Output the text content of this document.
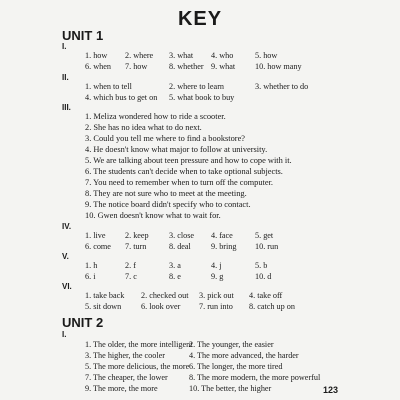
KEY
UNIT 1
I.
1. how 2. where 3. what 4. who	5. how
6. when 7. how	8. whether 9. what 10. how many
II.
1. when to tell	2. where to learn	3. whether to do
4. which bus to get on 5. what book to buy
III.
1. Meliza wondered how to ride a scooter.
2. She has no idea what to do next.
3. Could you tell me where to find a bookstore?
4. He doesn't know what major to follow at university.
5. We are talking about teen pressure and how to cope with it.
6. The students can't decide when to take optional subjects.
7. You need to remember when to turn off the computer.
8. They are not sure who to meet at the meeting.
9. The notice board didn't specify who to contact.
10. Gwen doesn't know what to wait for.
IV.
1. live 2. keep 3. close 4. face	5. get
6. come 7. turn	8. deal 9. bring 10. run
V.
1. h	2. f	3. a	4. j	5. b
6. i	7. c	8. e	9. g	10. d
VI.
1. take back 2. checked out 3. pick out 4. take off
5. sit down 6. look over 7. run into 8. catch up on
UNIT 2
I.
1. The older, the more intelligent
2. The younger, the easier
3. The higher, the cooler	4. The more advanced, the harder
5. The more delicious, the more 6. The longer, the more tired
7. The cheaper, the lower	8. The more modern, the more powerful
9. The more, the more	10. The better, the higher	123
